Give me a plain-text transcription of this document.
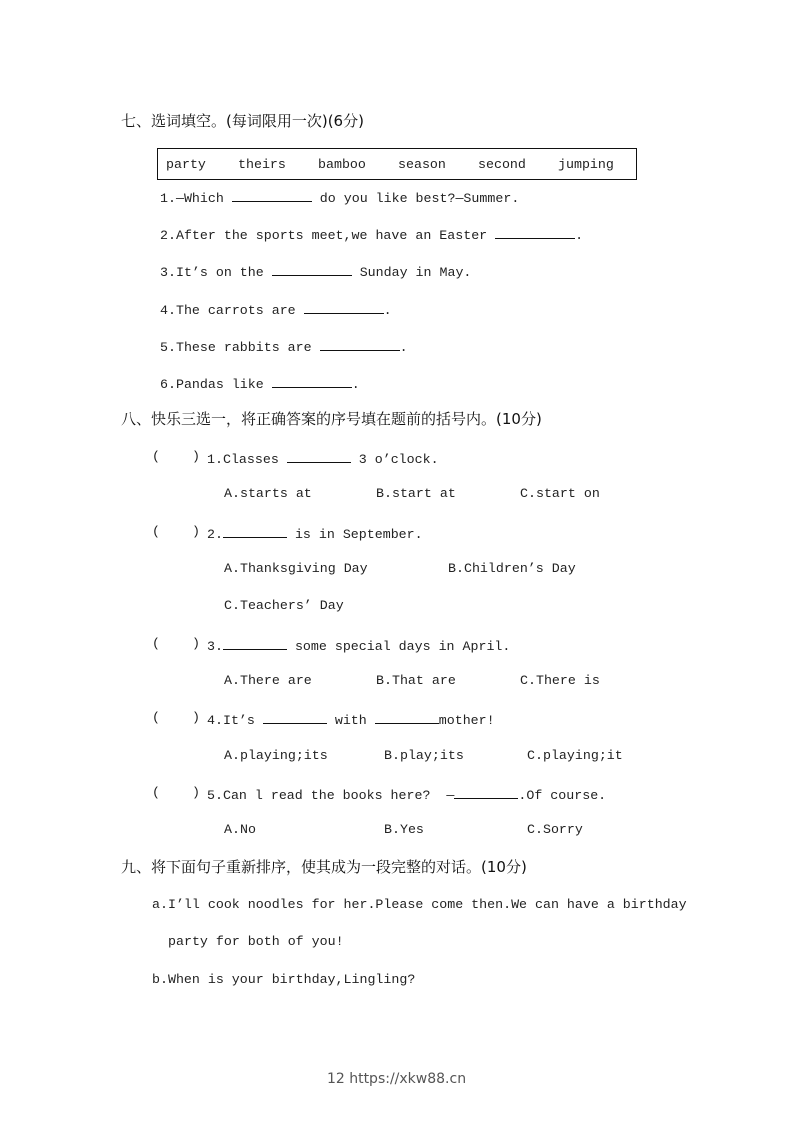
七、选词填空。(每词限用一次)(6分)
party theirs bamboo season second jumping
1.—Which	do you like best?—Summer.
2.After the sports meet,we have an Easter	.
3.It’s on the	Sunday in May.
4.The carrots are	.
5.These rabbits are	.
6.Pandas like	.
八、快乐三选一，将正确答案的序号填在题前的括号内。(10分)
( ) 1.Classes	3 o’clock.
A.starts at	B.start at	C.start on
( ) 2.	is in September.
A.Thanksgiving Day	B.Children’s Day
C.Teachers’ Day
( ) 3.	some special days in April.
A.There are	B.That are	C.There is
( ) 4.It’s	with	mother!
A.playing;its	B.play;its	C.playing;it
( ) 5.Can l read the books here?  —	.Of course.
A.No	B.Yes	C.Sorry
九、将下面句子重新排序，使其成为一段完整的对话。(10分)
a.I’ll cook noodles for her.Please come then.We can have a birthday
party for both of you!
b.When is your birthday,Lingling?
12 https://xkw88.cn
